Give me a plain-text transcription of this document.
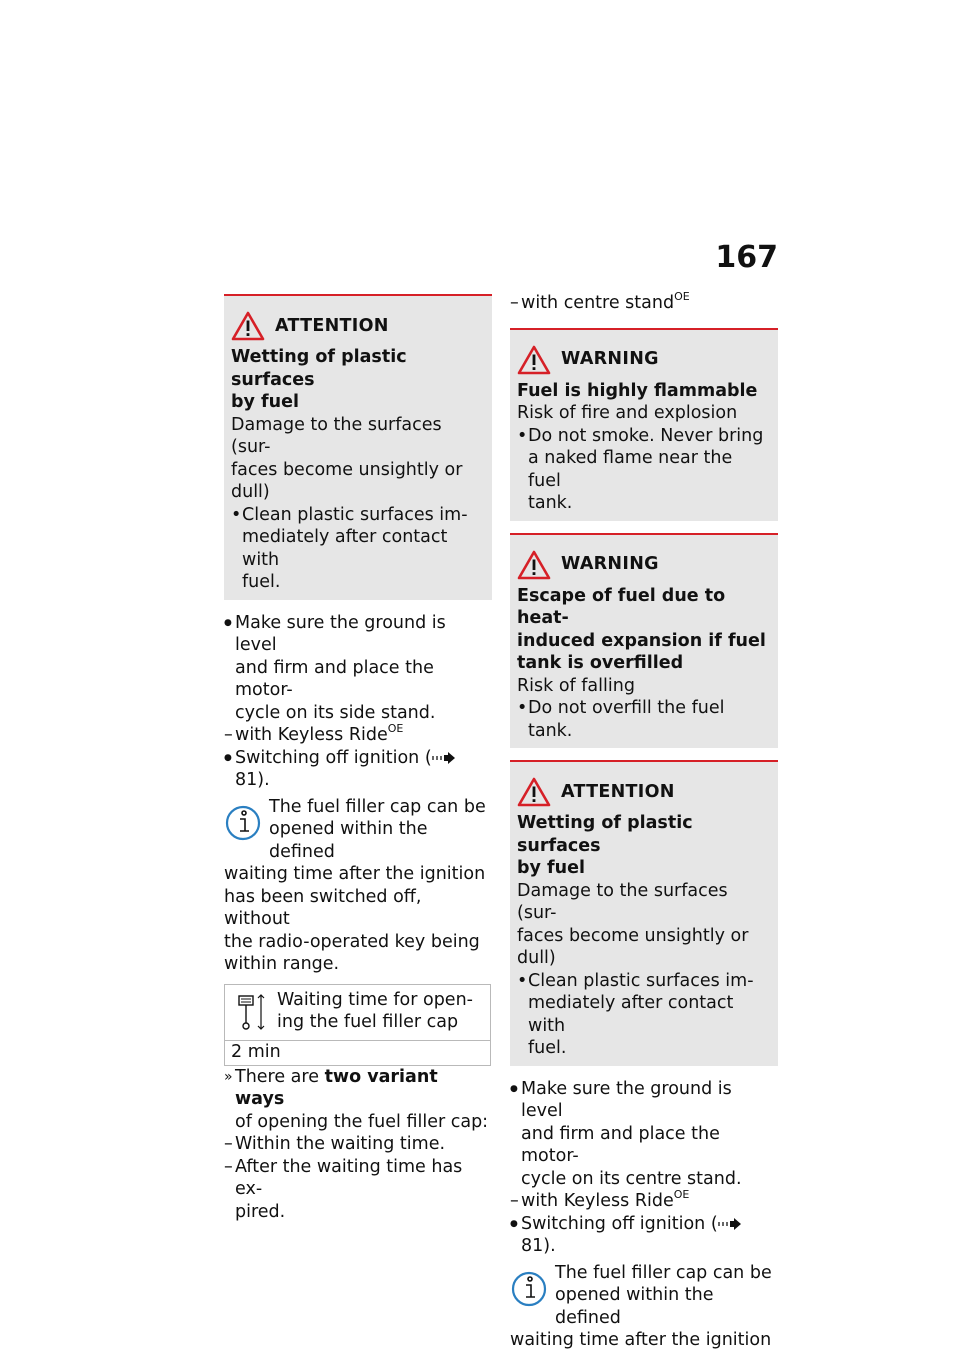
167
ATTENTION

Wetting of plastic surfaces
by fuel

Damage to the surfaces (sur-
faces become unsightly or
dull)

• Clean plastic surfaces im-
mediately after contact with
fuel.

● Make sure the ground is level
and firm and place the motor-
cycle on its side stand.

– with Keyless Ride$^{OE}$

● Switching off ignition ( 81).

The fuel filler cap can be
opened within the defined

waiting time after the ignition
has been switched off, without
the radio-operated key being
within range.

Waiting time for open-
ing the fuel filler cap
2 min

» There are two variant ways
of opening the fuel filler cap:

– Within the waiting time.

– After the waiting time has ex-
pired.

– with centre stand$^{OE}$

WARNING

Fuel is highly flammable

Risk of fire and explosion

• Do not smoke. Never bring
a naked flame near the fuel
tank.

WARNING

Escape of fuel due to heat-
induced expansion if fuel
tank is overfilled

Risk of falling

• Do not overfill the fuel tank.

ATTENTION

Wetting of plastic surfaces
by fuel

Damage to the surfaces (sur-
faces become unsightly or
dull)

• Clean plastic surfaces im-
mediately after contact with
fuel.

● Make sure the ground is level
and firm and place the motor-
cycle on its centre stand.

– with Keyless Ride$^{OE}$

● Switching off ignition ( 81).

The fuel filler cap can be
opened within the defined

waiting time after the ignition
